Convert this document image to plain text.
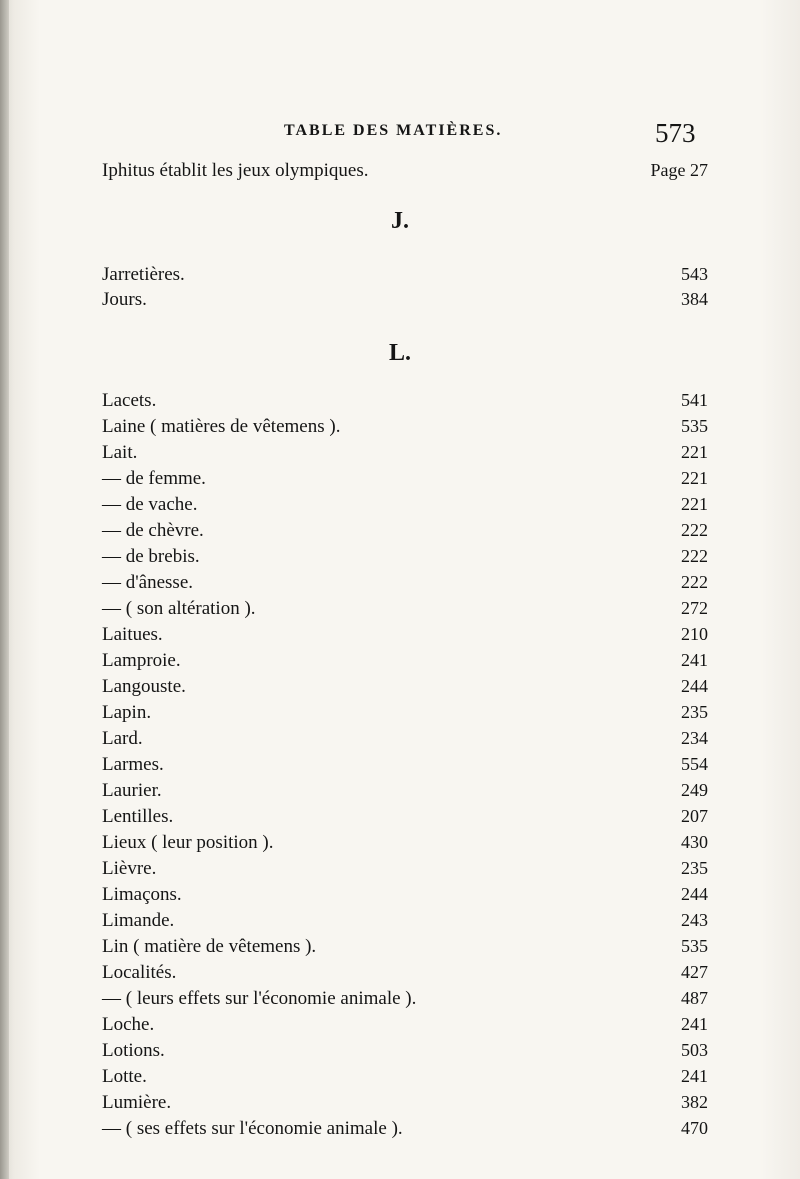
TABLE DES MATIÈRES.	573
Iphitus établit les jeux olympiques.	Page 27
J.
Jarretières.	543
Jours.	384
L.
Lacets.	541
Laine ( matières de vêtemens ).	535
Lait.	221
— de femme.	221
— de vache.	221
— de chèvre.	222
— de brebis.	222
— d'ânesse.	222
— ( son altération ).	272
Laitues.	210
Lamproie.	241
Langouste.	244
Lapin.	235
Lard.	234
Larmes.	554
Laurier.	249
Lentilles.	207
Lieux ( leur position ).	430
Lièvre.	235
Limaçons.	244
Limande.	243
Lin ( matière de vêtemens ).	535
Localités.	427
— ( leurs effets sur l'économie animale ).	487
Loche.	241
Lotions.	503
Lotte.	241
Lumière.	382
— ( ses effets sur l'économie animale ).	470
